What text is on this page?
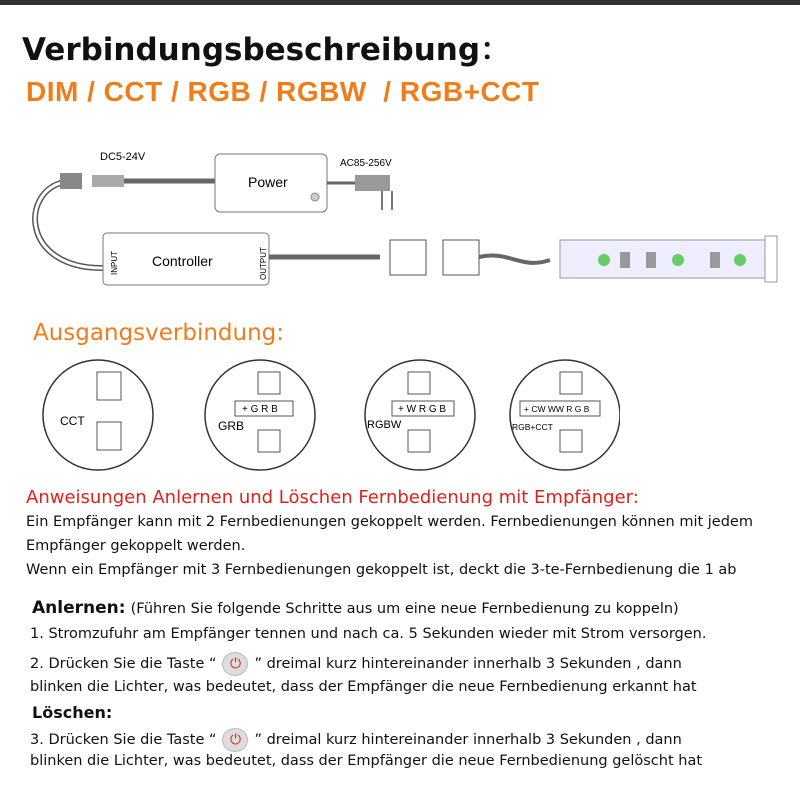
Verbindungsbeschreibung：
DIM / CCT / RGB / RGBW  / RGB+CCT
DC5-24V
Power
AC85-256V
Controller
INPUT	OUTPUT
Ausgangsverbindung:
CCT
+ G R B
GRB
+ W R G B
RGBW
+ CW WW R G B
RGB+CCT
Anweisungen Anlernen und Löschen Fernbedienung mit Empfänger:
Ein Empfänger kann mit 2 Fernbedienungen gekoppelt werden. Fernbedienungen können mit jedem
Empfänger gekoppelt werden.
Wenn ein Empfänger mit 3 Fernbedienungen gekoppelt ist, deckt die 3-te-Fernbedienung die 1 ab
Anlernen: (Führen Sie folgende Schritte aus um eine neue Fernbedienung zu koppeln)
1. Stromzufuhr am Empfänger tennen und nach ca. 5 Sekunden wieder mit Strom versorgen.
2. Drücken Sie die Taste “ ⏻ ” dreimal kurz hintereinander innerhalb 3 Sekunden , dann
blinken die Lichter, was bedeutet, dass der Empfänger die neue Fernbedienung erkannt hat
Löschen:
3. Drücken Sie die Taste “ ⏻ ” dreimal kurz hintereinander innerhalb 3 Sekunden , dann
blinken die Lichter, was bedeutet, dass der Empfänger die neue Fernbedienung gelöscht hat
